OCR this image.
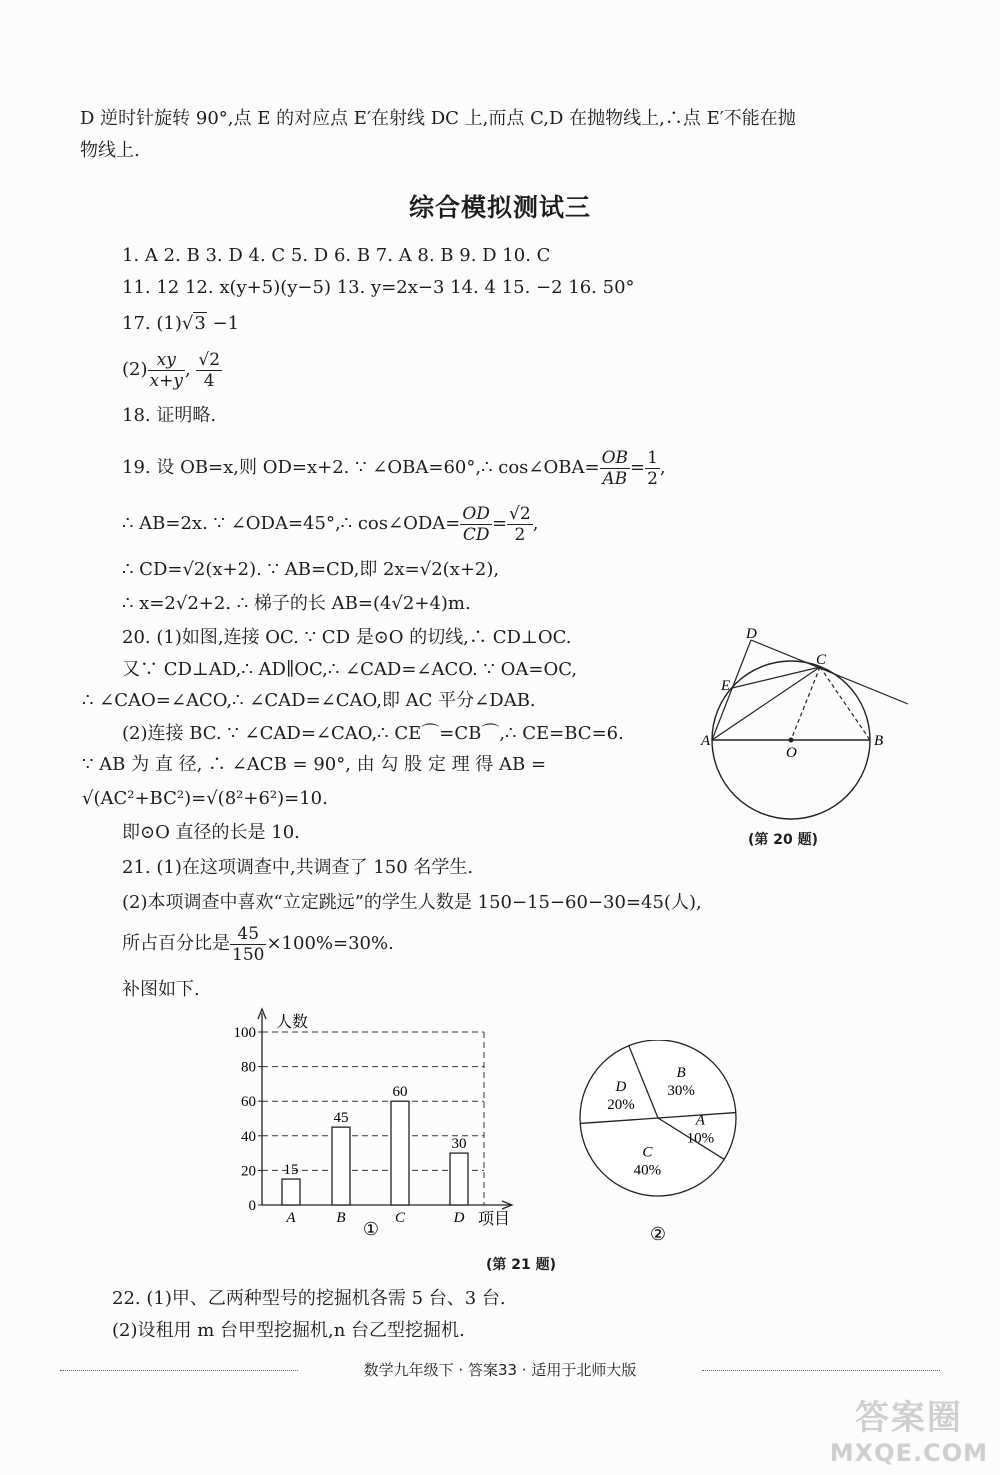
D 逆时针旋转 90°,点 E 的对应点 E′在射线 DC 上,而点 C,D 在抛物线上,∴点 E′不能在抛
物线上.
综合模拟测试三
1. A 2. B 3. D 4. C 5. D 6. B 7. A 8. B 9. D 10. C
11. 12 12. x(y+5)(y−5) 13. y=2x−3 14. 4 15. −2 16. 50°
17. (1)√3 −1
$(2) \frac{xy}{x+y}$ , $\frac{√2}{4}$
18. 证明略.
19. 设 OB=x,则 OD=x+2. ∵ ∠OBA=60°,∴ cos∠OBA= $\frac{OB}{AB} = \frac{1}{2}$ ,
∴ AB=2x. ∵ ∠ODA=45°,∴ cos∠ODA= $\frac{OD}{CD} = \frac{√2}{2}$ ,
∴ CD=√2(x+2). ∵ AB=CD,即 2x=√2(x+2),
∴ x=2√2+2. ∴ 梯子的长 AB=(4√2+4)m.
20. (1)如图,连接 OC. ∵ CD 是⊙O 的切线,∴ CD⊥OC.
又∵ CD⊥AD,∴ AD∥OC,∴ ∠CAD=∠ACO. ∵ OA=OC,
∴ ∠CAO=∠ACO,∴ ∠CAD=∠CAO,即 AC 平分∠DAB.
(2)连接 BC. ∵ ∠CAD=∠CAO,∴ CE⌒=CB⌒,∴ CE=BC=6.
∵ AB 为 直 径, ∴ ∠ACB = 90°, 由 勾 股 定 理 得 AB =
√(AC²+BC²)=√(8²+6²)=10.
即⊙O 直径的长是 10.
D
C
E
A
O
B
(第 20 题)
21. (1)在这项调查中,共调查了 150 名学生.
(2)本项调查中喜欢“立定跳远”的学生人数是 150−15−60−30=45(人),
所占百分比是 $\frac{45}{150} \times 100\%=30\%$.
补图如下.
0
20
40
60
80
100
人数
项目
15
A
45
B
60
C
30
D
①
B
30%
A
10%
C
40%
D
20%
②
(第 21 题)
22. (1)甲、乙两种型号的挖掘机各需 5 台、3 台.
(2)设租用 m 台甲型挖掘机,n 台乙型挖掘机.
数学九年级下 · 答案33 · 适用于北师大版
答案圈
MXQE.COM
